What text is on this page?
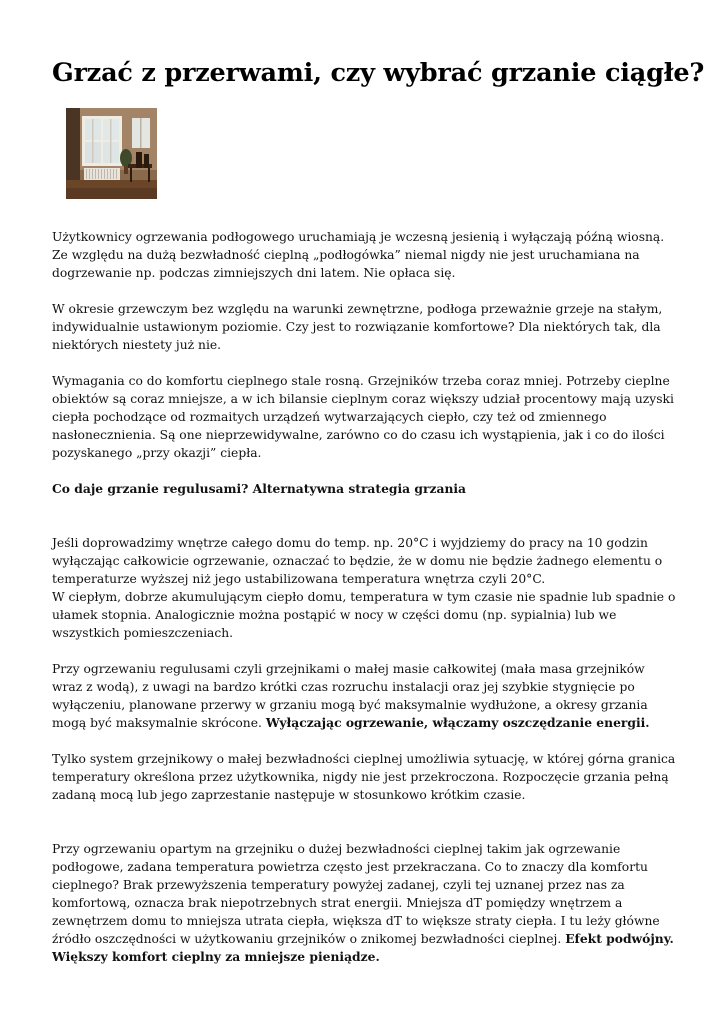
Grzać z przerwami, czy wybrać grzanie ciągłe?

Użytkownicy ogrzewania podłogowego uruchamiają je wczesną jesienią i wyłączają późną wiosną. Ze względu na dużą bezwładność cieplną „podłogówka” niemal nigdy nie jest uruchamiana na dogrzewanie np. podczas zimniejszych dni latem. Nie opłaca się.

W okresie grzewczym bez względu na warunki zewnętrzne, podłoga przeważnie grzeje na stałym, indywidualnie ustawionym poziomie. Czy jest to rozwiązanie komfortowe? Dla niektórych tak, dla niektórych niestety już nie.

Wymagania co do komfortu cieplnego stale rosną. Grzejników trzeba coraz mniej. Potrzeby cieplne obiektów są coraz mniejsze, a w ich bilansie cieplnym coraz większy udział procentowy mają uzyski ciepła pochodzące od rozmaitych urządzeń wytwarzających ciepło, czy też od zmiennego nasłonecznienia. Są one nieprzewidywalne, zarówno co do czasu ich wystąpienia, jak i co do ilości pozyskanego „przy okazji” ciepła.

Co daje grzanie regulusami? Alternatywna strategia grzania

Jeśli doprowadzimy wnętrze całego domu do temp. np. 20°C i wyjdziemy do pracy na 10 godzin wyłączając całkowicie ogrzewanie, oznaczać to będzie, że w domu nie będzie żadnego elementu o temperaturze wyższej niż jego ustabilizowana temperatura wnętrza czyli 20°C.
W ciepłym, dobrze akumulującym ciepło domu, temperatura w tym czasie nie spadnie lub spadnie o ułamek stopnia. Analogicznie można postąpić w nocy w części domu (np. sypialnia) lub we wszystkich pomieszczeniach.

Przy ogrzewaniu regulusami czyli grzejnikami o małej masie całkowitej (mała masa grzejników wraz z wodą), z uwagi na bardzo krótki czas rozruchu instalacji oraz jej szybkie stygnięcie po wyłączeniu, planowane przerwy w grzaniu mogą być maksymalnie wydłużone, a okresy grzania mogą być maksymalnie skrócone. Wyłączając ogrzewanie, włączamy oszczędzanie energii.

Tylko system grzejnikowy o małej bezwładności cieplnej umożliwia sytuację, w której górna granica temperatury określona przez użytkownika, nigdy nie jest przekroczona. Rozpoczęcie grzania pełną zadaną mocą lub jego zaprzestanie następuje w stosunkowo krótkim czasie.

Przy ogrzewaniu opartym na grzejniku o dużej bezwładności cieplnej takim jak ogrzewanie podłogowe, zadana temperatura powietrza często jest przekraczana. Co to znaczy dla komfortu cieplnego? Brak przewyższenia temperatury powyżej zadanej, czyli tej uznanej przez nas za komfortową, oznacza brak niepotrzebnych strat energii. Mniejsza dT pomiędzy wnętrzem a zewnętrzem domu to mniejsza utrata ciepła, większa dT to większe straty ciepła. I tu leży główne źródło oszczędności w użytkowaniu grzejników o znikomej bezwładności cieplnej. Efekt podwójny. Większy komfort cieplny za mniejsze pieniądze.
